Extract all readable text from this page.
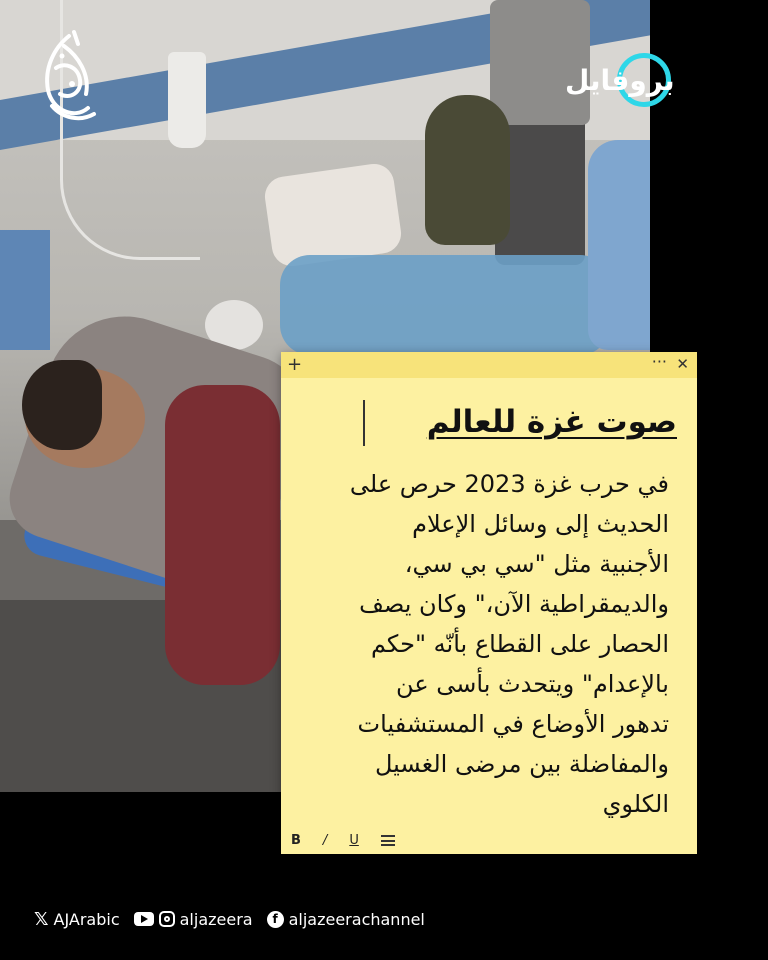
بروفايل
+	··· ✕
صوت غزة للعالم
في حرب غزة 2023 حرص على
الحديث إلى وسائل الإعلام
الأجنبية مثل "سي بي سي،
والديمقراطية الآن،" وكان يصف
الحصار على القطاع بأنّه "حكم
بالإعدام" ويتحدث بأسى عن
تدهور الأوضاع في المستشفيات
والمفاضلة بين مرضى الغسيل
الكلوي
B / U
𝕏 AJArabic	aljazeera	f aljazeerachannel
